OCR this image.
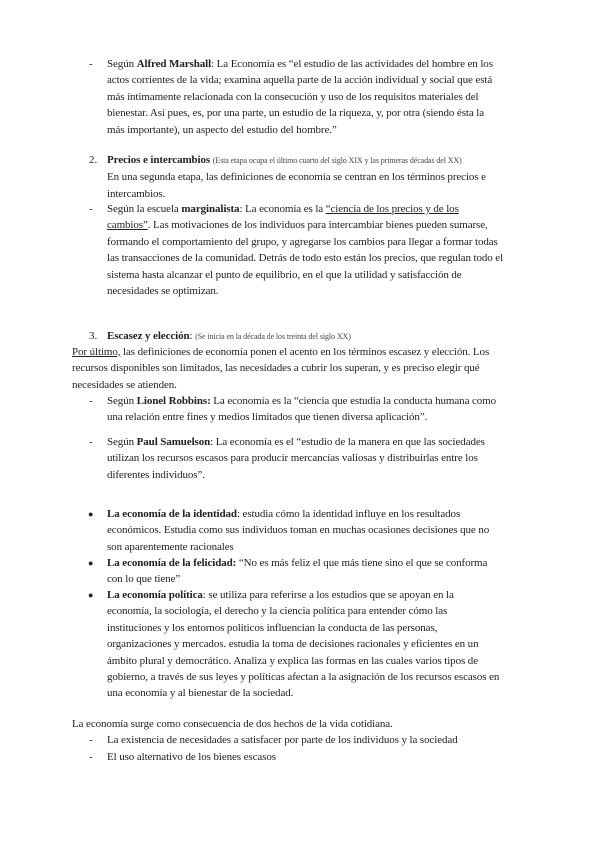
- Según Alfred Marshall: La Economía es “el estudio de las actividades del hombre en los
actos corrientes de la vida; examina aquella parte de la acción individual y social que está
más íntimamente relacionada con la consecución y uso de los requisitos materiales del
bienestar. Así pues, es, por una parte, un estudio de la riqueza, y, por otra (siendo ésta la
más importante), un aspecto del estudio del hombre.”
2. Precios e intercambios (Esta etapa ocupa el último cuarto del siglo XIX y las primeras décadas del XX)
En una segunda etapa, las definiciones de economía se centran en los términos precios e
intercambios.
- Según la escuela marginalista: La economía es la “ciencia de los precios y de los
cambios”. Las motivaciones de los individuos para intercambiar bienes pueden sumarse,
formando el comportamiento del grupo, y agregarse los cambios para llegar a formar todas
las transacciones de la comunidad. Detrás de todo esto están los precios, que regulan todo el
sistema hasta alcanzar el punto de equilibrio, en el que la utilidad y satisfacción de
necesidades se optimizan.
3. Escasez y elección: (Se inicia en la década de los treinta del siglo XX)
Por último, las definiciones de economía ponen el acento en los términos escasez y elección. Los
recursos disponibles son limitados, las necesidades a cubrir los superan, y es preciso elegir qué
necesidades se atienden.
- Según Lionel Robbins: La economía es la “ciencia que estudia la conducta humana como
una relación entre fines y medios limitados que tienen diversa aplicación”.
- Según Paul Samuelson: La economía es el “estudio de la manera en que las sociedades
utilizan los recursos escasos para producir mercancías valiosas y distribuirlas entre los
diferentes individuos”.
● La economía de la identidad: estudia cómo la identidad influye en los resultados
económicos. Estudia como sus individuos toman en muchas ocasiones decisiones que no
son aparentemente racionales
● La economía de la felicidad: “No es más feliz el que más tiene sino el que se conforma
con lo que tiene”
● La economía política: se utiliza para referirse a los estudios que se apoyan en la
economía, la sociología, el derecho y la ciencia política para entender cómo las
instituciones y los entornos políticos influencian la conducta de las personas,
organizaciones y mercados. estudia la toma de decisiones racionales y eficientes en un
ámbito plural y democrático. Analiza y explica las formas en las cuales varios tipos de
gobierno, a través de sus leyes y políticas afectan a la asignación de los recursos escasos en
una economía y al bienestar de la sociedad.
La economía surge como consecuencia de dos hechos de la vida cotidiana.
- La existencia de necesidades a satisfacer por parte de los individuos y la sociedad
- El uso alternativo de los bienes escasos
